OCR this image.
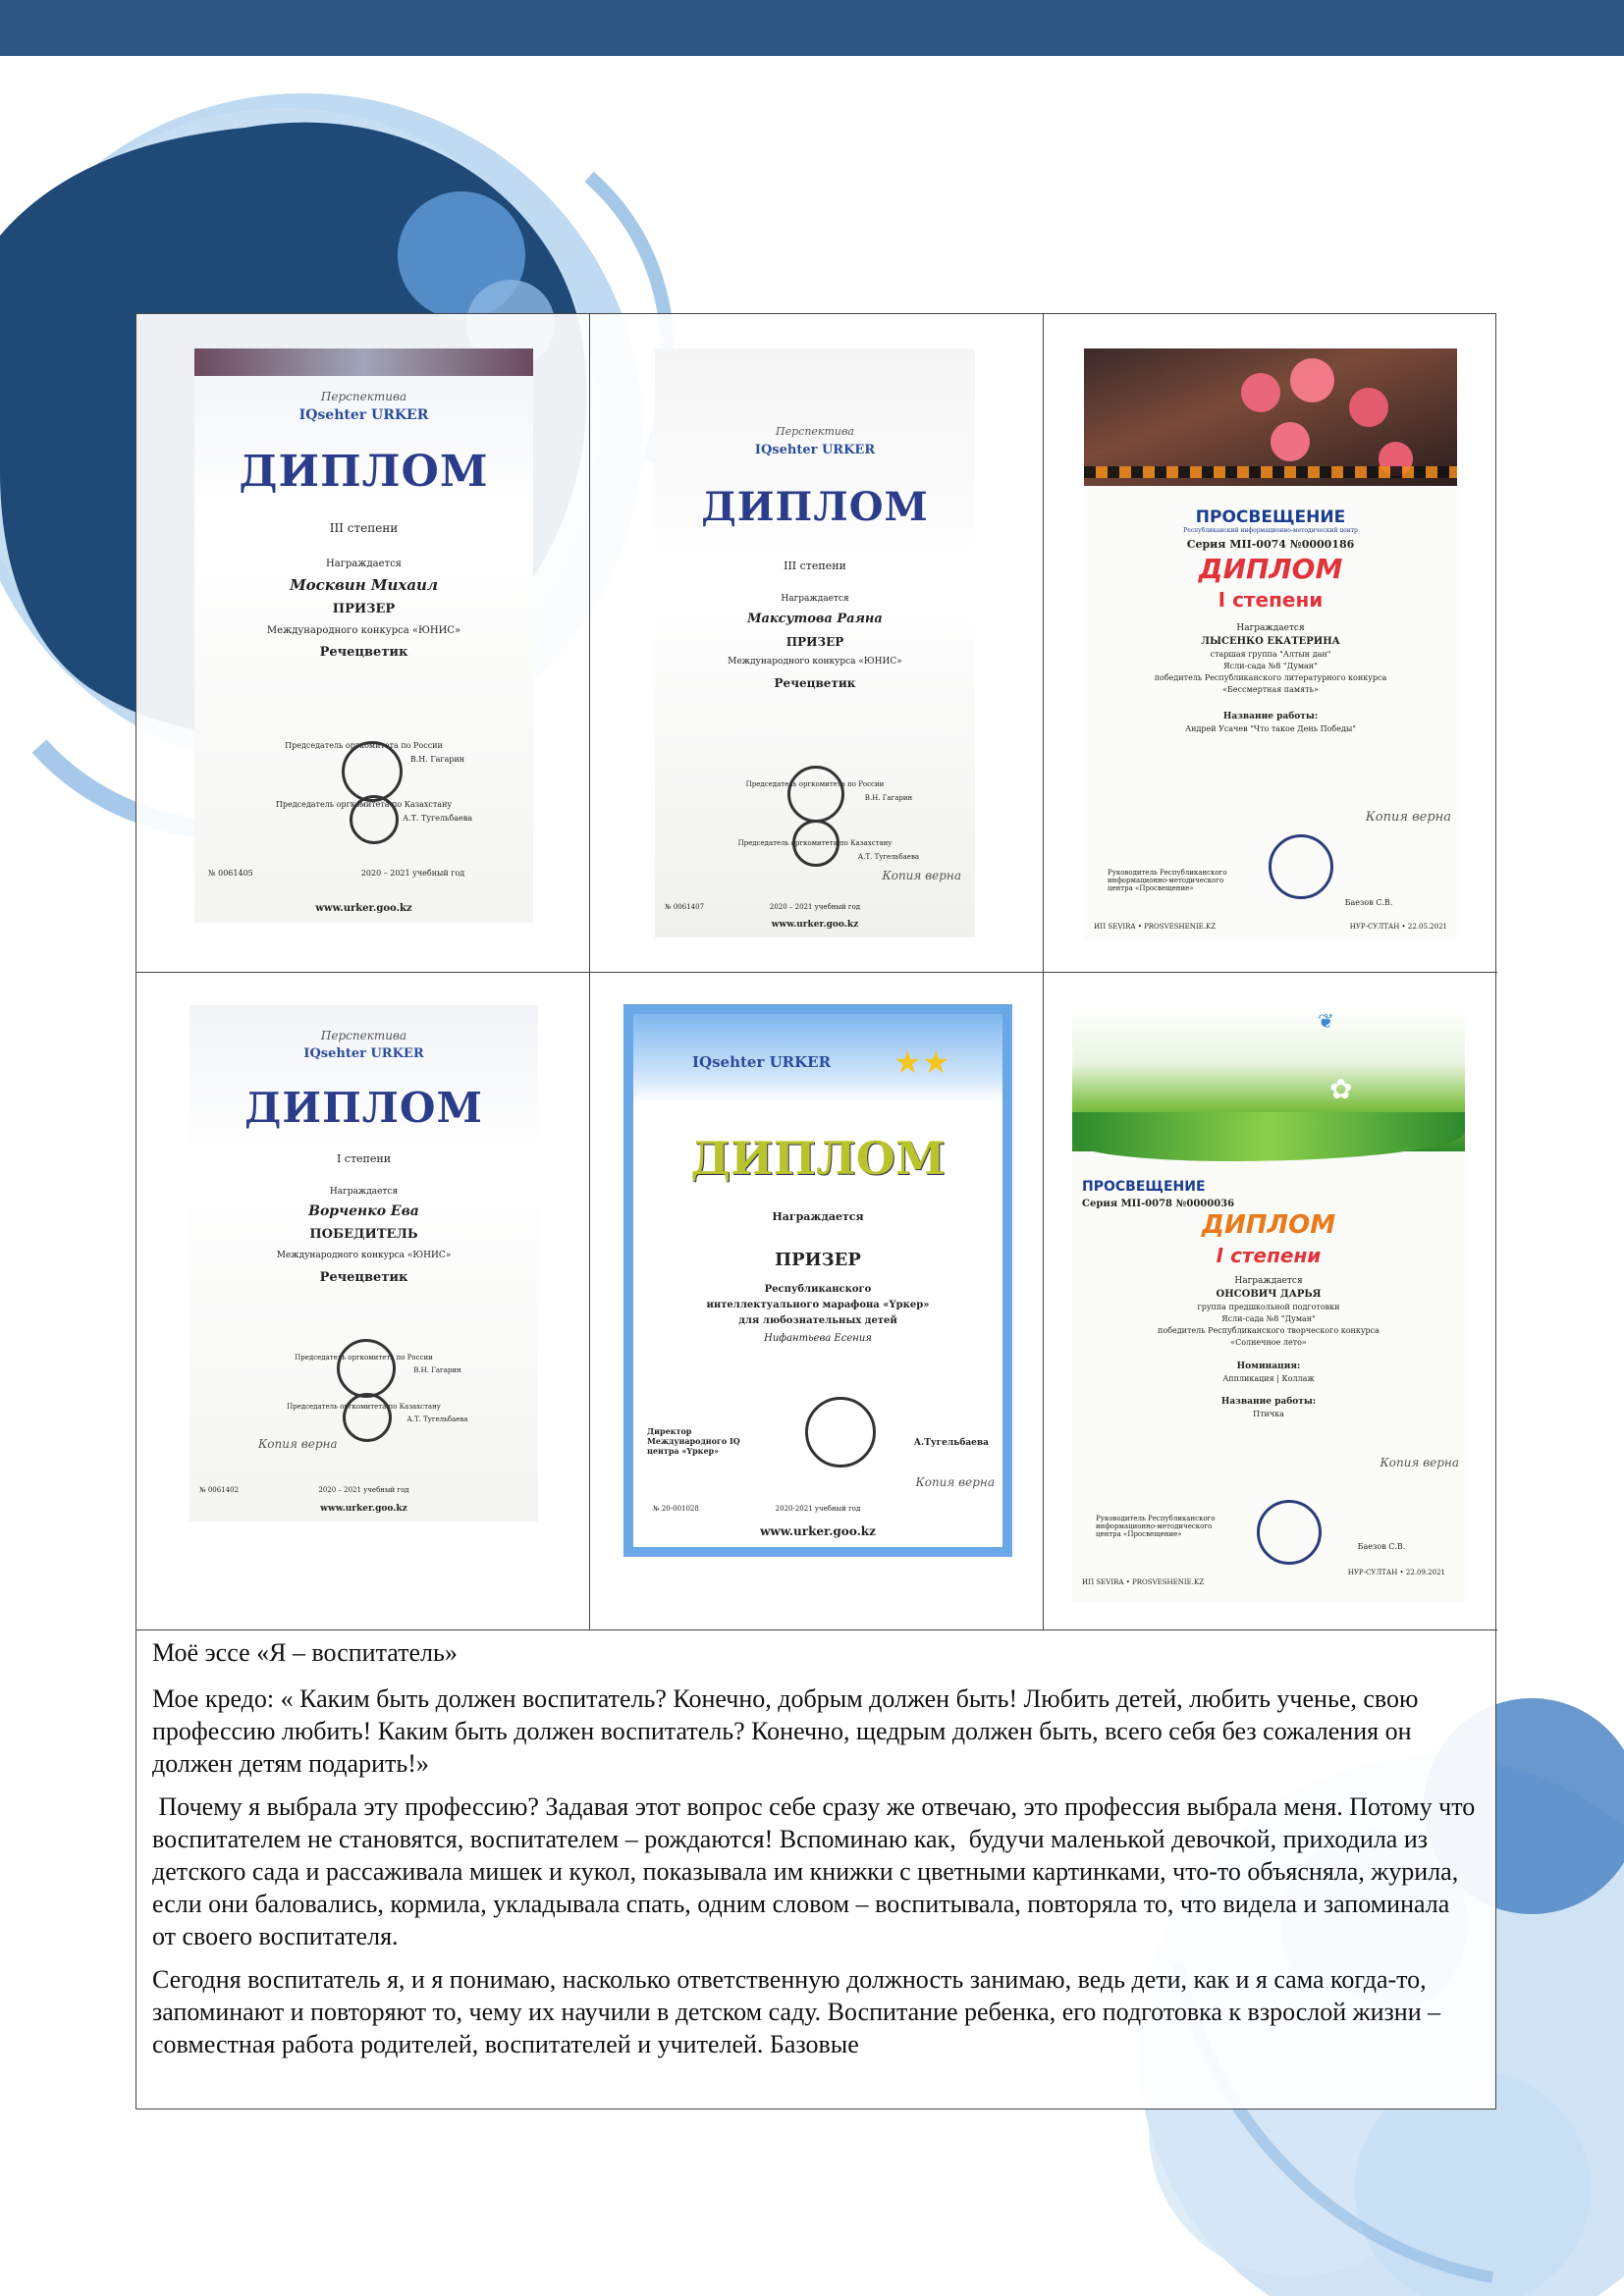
Перспектива
IQsehter URKER
ДИПЛОМ
III степени
Награждается
Москвин Михаил
ПРИЗЕР
Международного конкурса «ЮНИС»
Речецветик
Председатель оргкомитета по России
В.Н. Гагарин
Председатель оргкомитета по Казахстану
А.Т. Тугельбаева
№ 0061405	2020 – 2021 учебный год
www.urker.goo.kz
Перспектива
IQsehter URKER
ДИПЛОМ
III степени
Награждается
Максутова Раяна
ПРИЗЕР
Международного конкурса «ЮНИС»
Речецветик
Председатель оргкомитета по России
В.Н. Гагарин
Председатель оргкомитета по Казахстану
А.Т. Тугельбаева
Копия верна
№ 0061407	2020 – 2021 учебный год
www.urker.goo.kz
ПРОСВЕЩЕНИЕ
Республиканский информационно-методический центр
Серия МII-0074 №0000186
ДИПЛОМ
I степени
Награждается
ЛЫСЕНКО ЕКАТЕРИНА
старшая группа "Алтын дан"
Ясли-сада №8 "Думан"
победитель Республиканского литературного конкурса
«Бессмертная память»
Название работы:
Андрей Усачев "Что такое День Победы"
Копия верна
Руководитель Республиканского информационно-методического центра «Просвещение»
Баезов С.В.
ИП SEVIRA • PROSVESHENIE.KZ	НУР-СУЛТАН • 22.05.2021
Перспектива
IQsehter URKER
ДИПЛОМ
I степени
Награждается
Ворченко Ева
ПОБЕДИТЕЛЬ
Международного конкурса «ЮНИС»
Речецветик
Председатель оргкомитета по России
В.Н. Гагарин
Председатель оргкомитета по Казахстану
А.Т. Тугельбаева
Копия верна
№ 0061402	2020 – 2021 учебный год
www.urker.goo.kz
IQsehter URKER	★★
ДИПЛОМ
Награждается
ПРИЗЕР
Республиканского
интеллектуального марафона «Үркер»
для любознательных детей
Нифантьева Есения
Директор Международного IQ центра «Үркер»
А.Тугельбаева
Копия верна
№ 20-001028	2020-2021 учебный год
www.urker.goo.kz
✿
❦
ПРОСВЕЩЕНИЕ
Серия МII-0078 №0000036
ДИПЛОМ
I степени
Награждается
ОНСОВИЧ ДАРЬЯ
группа предшкольной подготовки
Ясли-сада №8 "Думан"
победитель Республиканского творческого конкурса
«Солнечное лето»
Номинация:
Аппликация | Коллаж
Название работы:
Птичка
Копия верна
Руководитель Республиканского информационно-методического центра «Просвещение»
Баезов С.В.
ИП SEVIRA • PROSVESHENIE.KZ
НУР-СУЛТАН • 22.09.2021

Моё эссе «Я – воспитатель»

Мое кредо: « Каким быть должен воспитатель? Конечно, добрым должен быть! Любить детей, любить ученье, свою профессию любить! Каким быть должен воспитатель? Конечно, щедрым должен быть, всего себя без сожаления он должен детям подарить!»

Почему я выбрала эту профессию? Задавая этот вопрос себе сразу же отвечаю, это профессия выбрала меня. Потому что воспитателем не становятся, воспитателем – рождаются! Вспоминаю как,  будучи маленькой девочкой, приходила из детского сада и рассаживала мишек и кукол, показывала им книжки с цветными картинками, что-то объясняла, журила, если они баловались, кормила, укладывала спать, одним словом – воспитывала, повторяла то, что видела и запоминала от своего воспитателя.

Сегодня воспитатель я, и я понимаю, насколько ответственную должность занимаю, ведь дети, как и я сама когда-то, запоминают и повторяют то, чему их научили в детском саду. Воспитание ребенка, его подготовка к взрослой жизни – совместная работа родителей, воспитателей и учителей. Базовые
